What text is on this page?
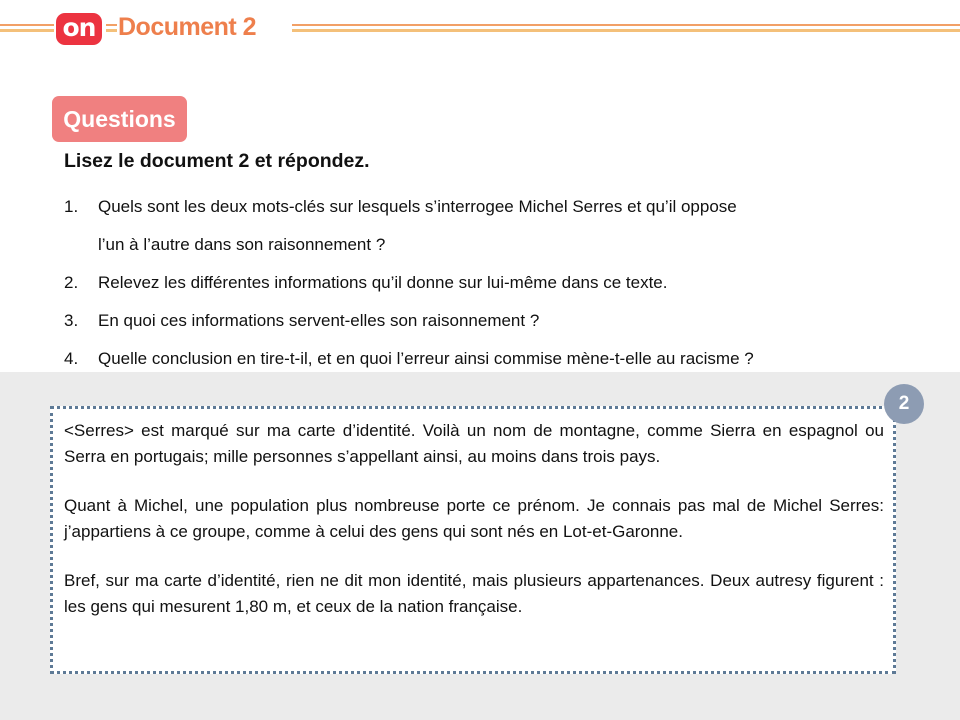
on Document 2
Questions
Lisez le document 2 et répondez.
1. Quels sont les deux mots-clés sur lesquels s’interrogee Michel Serres et qu’il oppose
l’un à l’autre dans son raisonnement ?
2. Relevez les différentes informations qu’il donne sur lui-même dans ce texte.
3. En quoi ces informations servent-elles son raisonnement ?
4. Quelle conclusion en tire-t-il, et en quoi l’erreur ainsi commise mène-t-elle au racisme ?

<Serres> est marqué sur ma carte d’identité. Voilà un nom de montagne, comme Sierra en espagnol ou Serra en portugais; mille personnes s’appellant ainsi, au moins dans trois pays.

Quant à Michel, une population plus nombreuse porte ce prénom. Je connais pas mal de Michel Serres: j’appartiens à ce groupe, comme à celui des gens qui sont nés en Lot-et-Garonne.

Bref, sur ma carte d’identité, rien ne dit mon identité, mais plusieurs appartenances. Deux autresy figurent : les gens qui mesurent 1,80 m, et ceux de la nation française.

2
